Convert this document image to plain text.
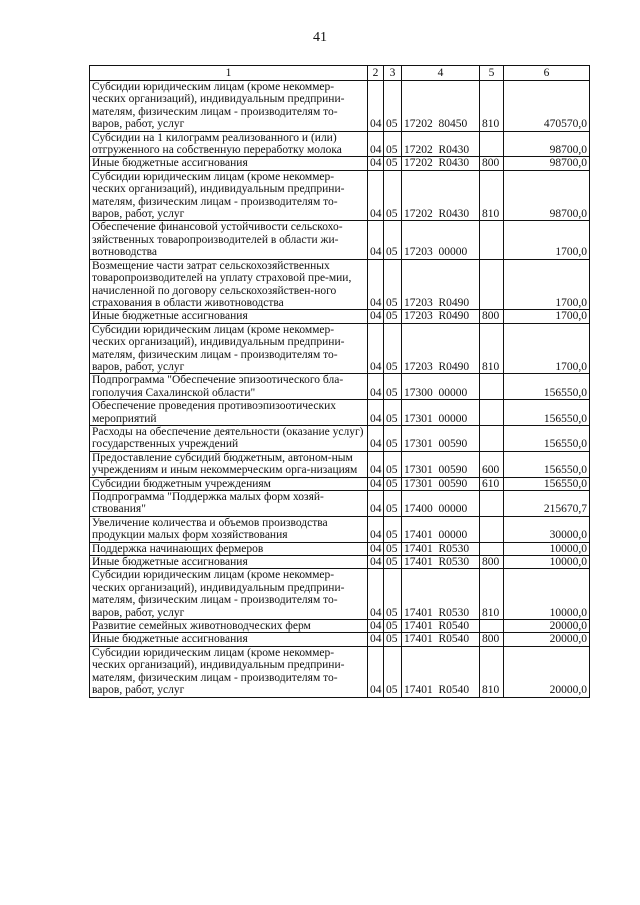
41
1	2	3	4	5	6
Субсидии юридическим лицам (кроме некоммер-ческих организаций), индивидуальным предприни-мателям, физическим лицам - производителям то-варов, работ, услуг	04	05	17202  80450	810	470570,0
Субсидии на 1 килограмм реализованного и (или) отгруженного на собственную переработку молока	04	05	17202  R0430		98700,0
Иные бюджетные ассигнования	04	05	17202  R0430	800	98700,0
Субсидии юридическим лицам (кроме некоммер-ческих организаций), индивидуальным предприни-мателям, физическим лицам - производителям то-варов, работ, услуг	04	05	17202  R0430	810	98700,0
Обеспечение финансовой устойчивости сельскохо-зяйственных товаропроизводителей в области жи-вотноводства	04	05	17203  00000		1700,0
Возмещение части затрат сельскохозяйственных товаропроизводителей на уплату страховой пре-мии, начисленной по договору сельскохозяйствен-ного страхования в области животноводства	04	05	17203  R0490		1700,0
Иные бюджетные ассигнования	04	05	17203  R0490	800	1700,0
Субсидии юридическим лицам (кроме некоммер-ческих организаций), индивидуальным предприни-мателям, физическим лицам - производителям то-варов, работ, услуг	04	05	17203  R0490	810	1700,0
Подпрограмма "Обеспечение эпизоотического бла-гополучия Сахалинской области"	04	05	17300  00000		156550,0
Обеспечение проведения противоэпизоотических мероприятий	04	05	17301  00000		156550,0
Расходы на обеспечение деятельности (оказание услуг) государственных учреждений	04	05	17301  00590		156550,0
Предоставление субсидий бюджетным, автоном-ным учреждениям и иным некоммерческим орга-низациям	04	05	17301  00590	600	156550,0
Субсидии бюджетным учреждениям	04	05	17301  00590	610	156550,0
Подпрограмма "Поддержка малых форм хозяй-ствования"	04	05	17400  00000		215670,7
Увеличение количества и объемов производства продукции малых форм хозяйствования	04	05	17401  00000		30000,0
Поддержка начинающих фермеров	04	05	17401  R0530		10000,0
Иные бюджетные ассигнования	04	05	17401  R0530	800	10000,0
Субсидии юридическим лицам (кроме некоммер-ческих организаций), индивидуальным предприни-мателям, физическим лицам - производителям то-варов, работ, услуг	04	05	17401  R0530	810	10000,0
Развитие семейных животноводческих ферм	04	05	17401  R0540		20000,0
Иные бюджетные ассигнования	04	05	17401  R0540	800	20000,0
Субсидии юридическим лицам (кроме некоммер-ческих организаций), индивидуальным предприни-мателям, физическим лицам - производителям то-варов, работ, услуг	04	05	17401  R0540	810	20000,0
